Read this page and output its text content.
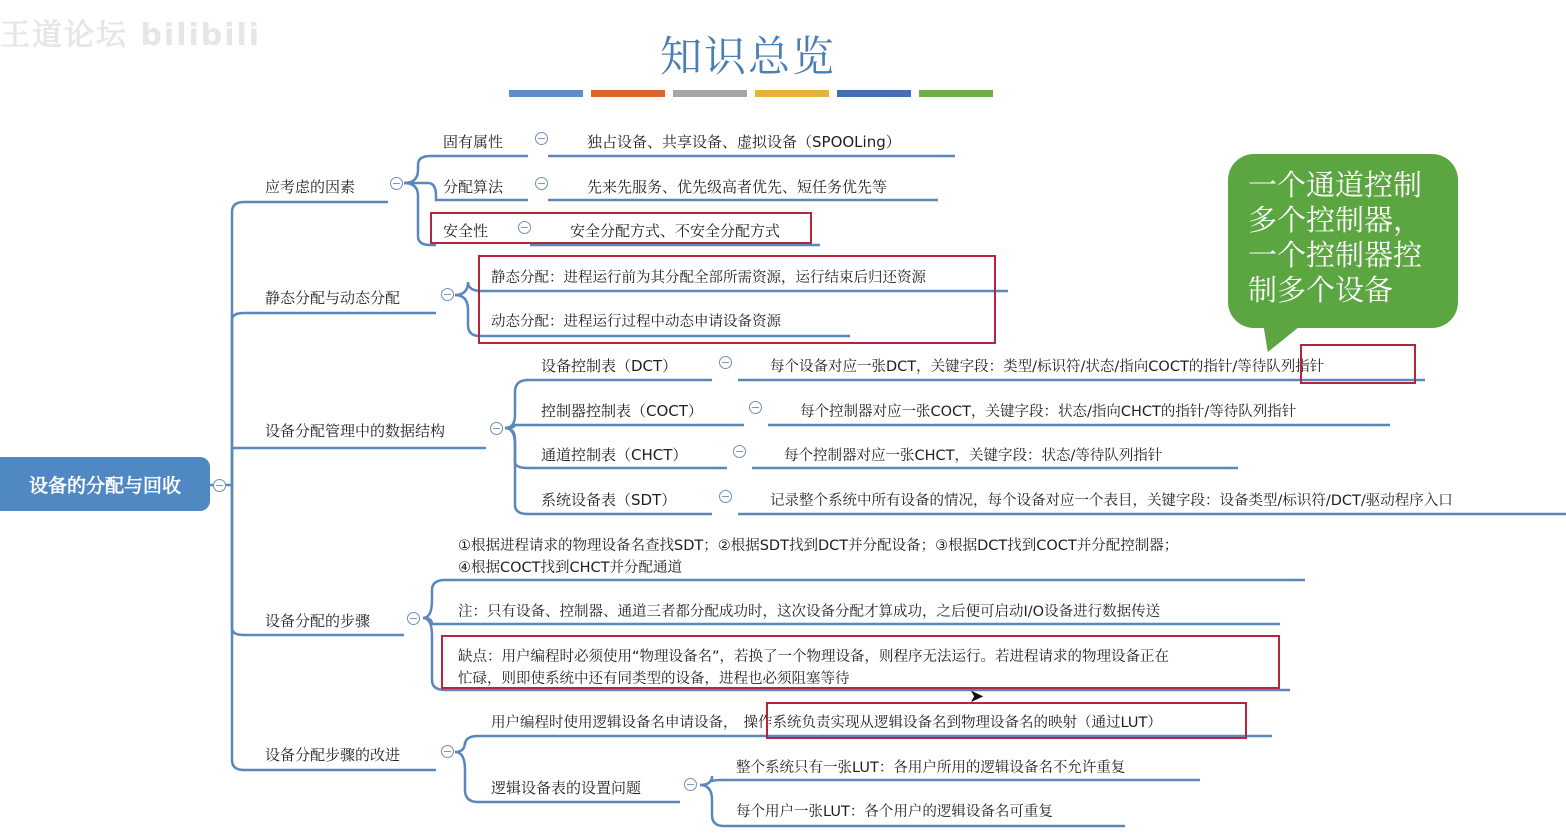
王道论坛 bilibili	知识总览
设备的分配与回收	−
应考虑的因素	−
固有属性	−	独占设备、共享设备、虚拟设备（SPOOLing）
分配算法	−	先来先服务、优先级高者优先、短任务优先等
安全性	−	安全分配方式、不安全分配方式
静态分配与动态分配	−
静态分配：进程运行前为其分配全部所需资源，运行结束后归还资源
动态分配：进程运行过程中动态申请设备资源
设备分配管理中的数据结构	−
设备控制表（DCT）	−	每个设备对应一张DCT，关键字段：类型/标识符/状态/指向COCT的指针/等待队列指针
控制器控制表（COCT）	−	每个控制器对应一张COCT，关键字段：状态/指向CHCT的指针/等待队列指针
通道控制表（CHCT）	−	每个控制器对应一张CHCT，关键字段：状态/等待队列指针
系统设备表（SDT）	−	记录整个系统中所有设备的情况，每个设备对应一个表目，关键字段：设备类型/标识符/DCT/驱动程序入口
设备分配的步骤	−
①根据进程请求的物理设备名查找SDT；②根据SDT找到DCT并分配设备；③根据DCT找到COCT并分配控制器；
④根据COCT找到CHCT并分配通道
注：只有设备、控制器、通道三者都分配成功时，这次设备分配才算成功，之后便可启动I/O设备进行数据传送
缺点：用户编程时必须使用“物理设备名”，若换了一个物理设备，则程序无法运行。若进程请求的物理设备正在
忙碌，则即使系统中还有同类型的设备，进程也必须阻塞等待
设备分配步骤的改进	−
用户编程时使用逻辑设备名申请设备， 操作系统负责实现从逻辑设备名到物理设备名的映射（通过LUT）
逻辑设备表的设置问题	−
整个系统只有一张LUT：各用户所用的逻辑设备名不允许重复
每个用户一张LUT：各个用户的逻辑设备名可重复
一个通道控制
多个控制器，
一个控制器控
制多个设备
➤
